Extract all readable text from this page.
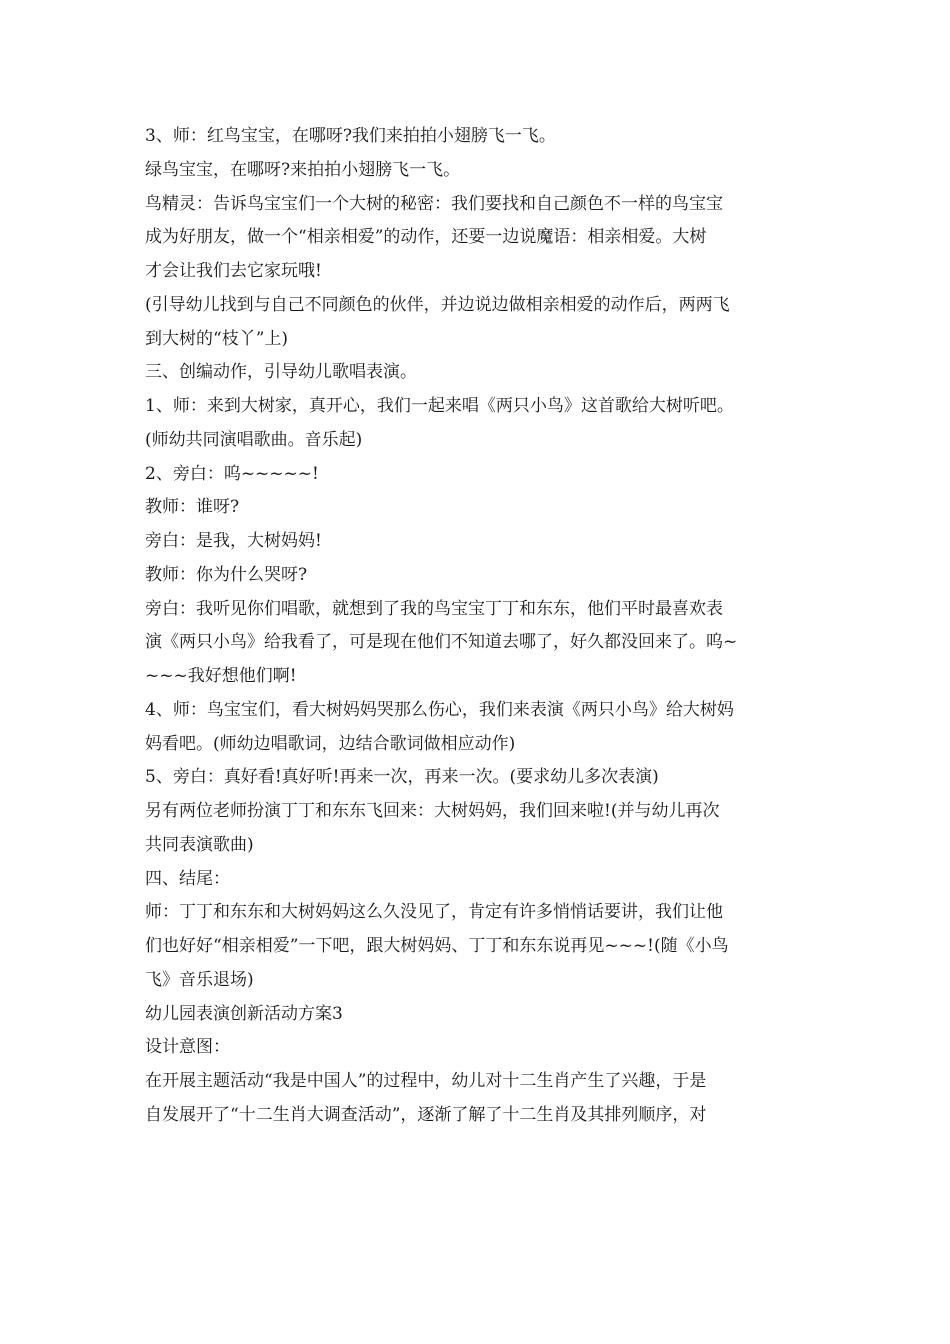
3、师：红鸟宝宝，在哪呀?我们来拍拍小翅膀飞一飞。
绿鸟宝宝，在哪呀?来拍拍小翅膀飞一飞。
鸟精灵：告诉鸟宝宝们一个大树的秘密：我们要找和自己颜色不一样的鸟宝宝
成为好朋友，做一个“相亲相爱”的动作，还要一边说魔语：相亲相爱。大树
才会让我们去它家玩哦!
(引导幼儿找到与自己不同颜色的伙伴，并边说边做相亲相爱的动作后，两两飞
到大树的“枝丫”上)
三、创编动作，引导幼儿歌唱表演。
1、师：来到大树家，真开心，我们一起来唱《两只小鸟》这首歌给大树听吧。
(师幼共同演唱歌曲。音乐起)
2、旁白：呜~~~~~!
教师：谁呀?
旁白：是我，大树妈妈!
教师：你为什么哭呀?
旁白：我听见你们唱歌，就想到了我的鸟宝宝丁丁和东东，他们平时最喜欢表
演《两只小鸟》给我看了，可是现在他们不知道去哪了，好久都没回来了。呜~
~~~我好想他们啊!
4、师：鸟宝宝们，看大树妈妈哭那么伤心，我们来表演《两只小鸟》给大树妈
妈看吧。(师幼边唱歌词，边结合歌词做相应动作)
5、旁白：真好看!真好听!再来一次，再来一次。(要求幼儿多次表演)
另有两位老师扮演丁丁和东东飞回来：大树妈妈，我们回来啦!(并与幼儿再次
共同表演歌曲)
四、结尾：
师：丁丁和东东和大树妈妈这么久没见了，肯定有许多悄悄话要讲，我们让他
们也好好“相亲相爱”一下吧，跟大树妈妈、丁丁和东东说再见~~~!(随《小鸟
飞》音乐退场)
幼儿园表演创新活动方案3
设计意图：
在开展主题活动“我是中国人”的过程中，幼儿对十二生肖产生了兴趣，于是
自发展开了“十二生肖大调查活动”，逐渐了解了十二生肖及其排列顺序，对
